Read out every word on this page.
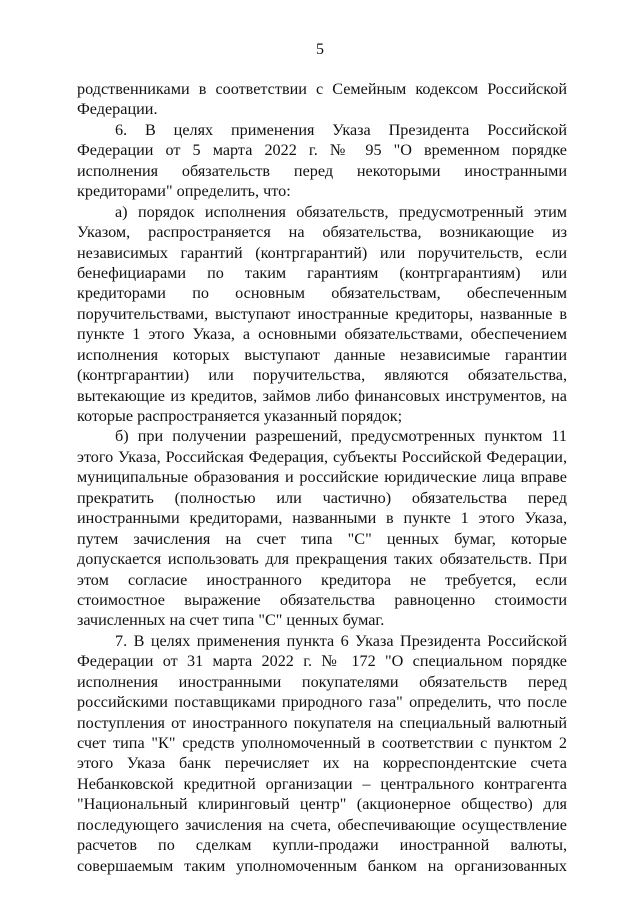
5
родственниками в соответствии с Семейным кодексом Российской
Федерации.
6. В целях применения Указа Президента Российской
Федерации от 5 марта 2022 г. № 95 "О временном порядке
исполнения обязательств перед некоторыми иностранными
кредиторами" определить, что:
а) порядок исполнения обязательств, предусмотренный этим
Указом, распространяется на обязательства, возникающие из
независимых гарантий (контргарантий) или поручительств, если
бенефициарами по таким гарантиям (контргарантиям) или
кредиторами по основным обязательствам, обеспеченным
поручительствами, выступают иностранные кредиторы, названные в
пункте 1 этого Указа, а основными обязательствами, обеспечением
исполнения которых выступают данные независимые гарантии
(контргарантии) или поручительства, являются обязательства,
вытекающие из кредитов, займов либо финансовых инструментов, на
которые распространяется указанный порядок;
б) при получении разрешений, предусмотренных пунктом 11
этого Указа, Российская Федерация, субъекты Российской Федерации,
муниципальные образования и российские юридические лица вправе
прекратить (полностью или частично) обязательства перед
иностранными кредиторами, названными в пункте 1 этого Указа,
путем зачисления на счет типа "С" ценных бумаг, которые
допускается использовать для прекращения таких обязательств. При
этом согласие иностранного кредитора не требуется, если
стоимостное выражение обязательства равноценно стоимости
зачисленных на счет типа "С" ценных бумаг.
7. В целях применения пункта 6 Указа Президента Российской
Федерации от 31 марта 2022 г. № 172 "О специальном порядке
исполнения иностранными покупателями обязательств перед
российскими поставщиками природного газа" определить, что после
поступления от иностранного покупателя на специальный валютный
счет типа "К" средств уполномоченный в соответствии с пунктом 2
этого Указа банк перечисляет их на корреспондентские счета
Небанковской кредитной организации – центрального контрагента
"Национальный клиринговый центр" (акционерное общество) для
последующего зачисления на счета, обеспечивающие осуществление
расчетов по сделкам купли-продажи иностранной валюты,
совершаемым таким уполномоченным банком на организованных
